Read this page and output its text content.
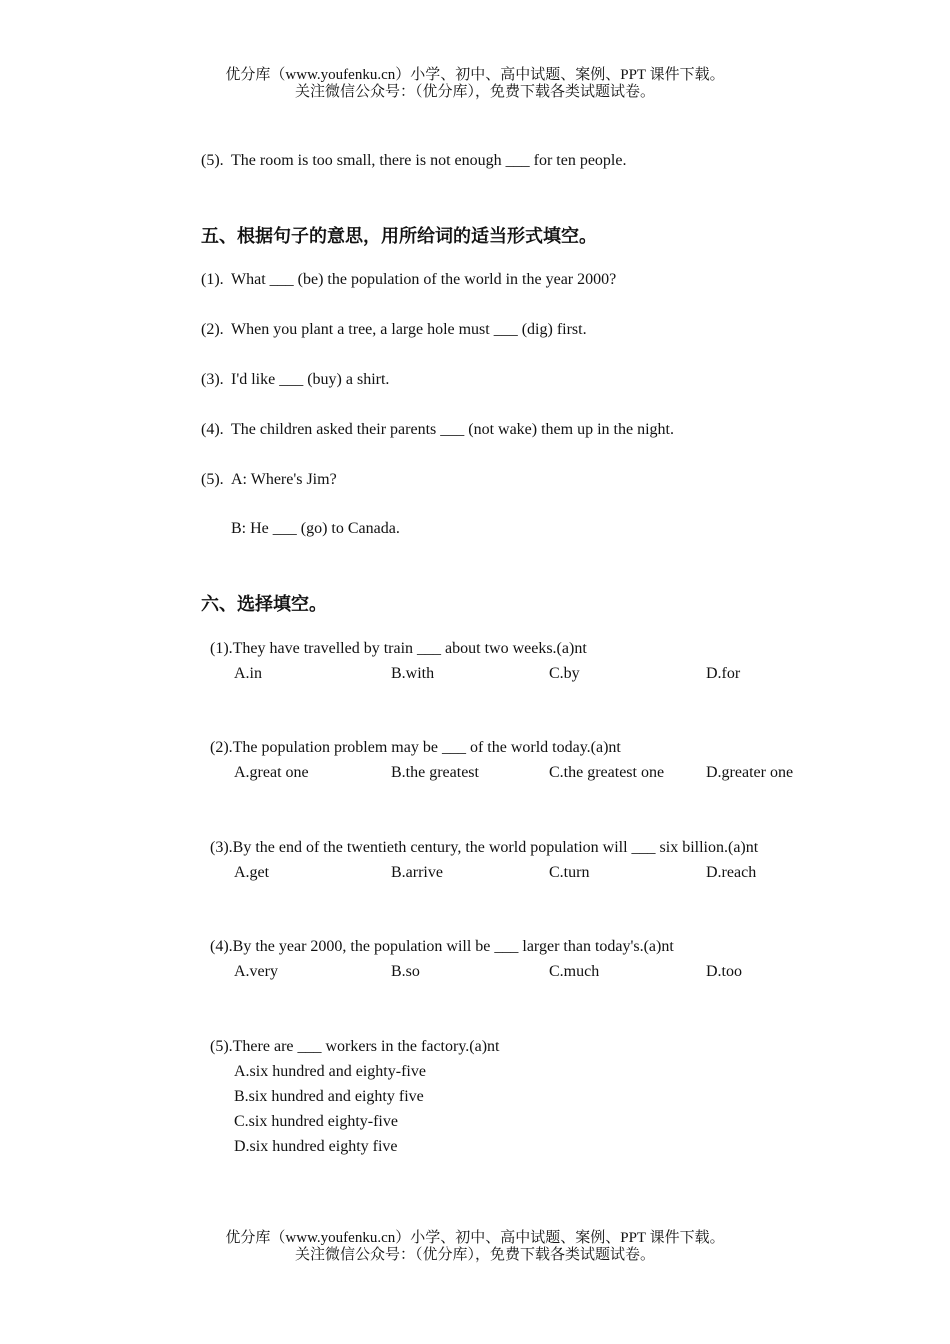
优分库（www.youfenku.cn）小学、初中、高中试题、案例、PPT 课件下载。
关注微信公众号：（优分库），免费下载各类试题试卷。
(5). The room is too small, there is not enough ___ for ten people.
五、根据句子的意思，用所给词的适当形式填空。
(1). What ___ (be) the population of the world in the year 2000?
(2). When you plant a tree, a large hole must ___ (dig) first.
(3). I'd like ___ (buy) a shirt.
(4). The children asked their parents ___ (not wake) them up in the night.
(5). A: Where's Jim?
B: He ___ (go) to Canada.
六、选择填空。
(1).They have travelled by train ___ about two weeks.(a)nt
A.in	B.with	C.by	D.for
(2).The population problem may be ___ of the world today.(a)nt
A.great one	B.the greatest	C.the greatest one	D.greater one
(3).By the end of the twentieth century, the world population will ___ six billion.(a)nt
A.get	B.arrive	C.turn	D.reach
(4).By the year 2000, the population will be ___ larger than today's.(a)nt
A.very	B.so	C.much	D.too
(5).There are ___ workers in the factory.(a)nt
A.six hundred and eighty-five
B.six hundred and eighty five
C.six hundred eighty-five
D.six hundred eighty five
优分库（www.youfenku.cn）小学、初中、高中试题、案例、PPT 课件下载。
关注微信公众号：（优分库），免费下载各类试题试卷。
